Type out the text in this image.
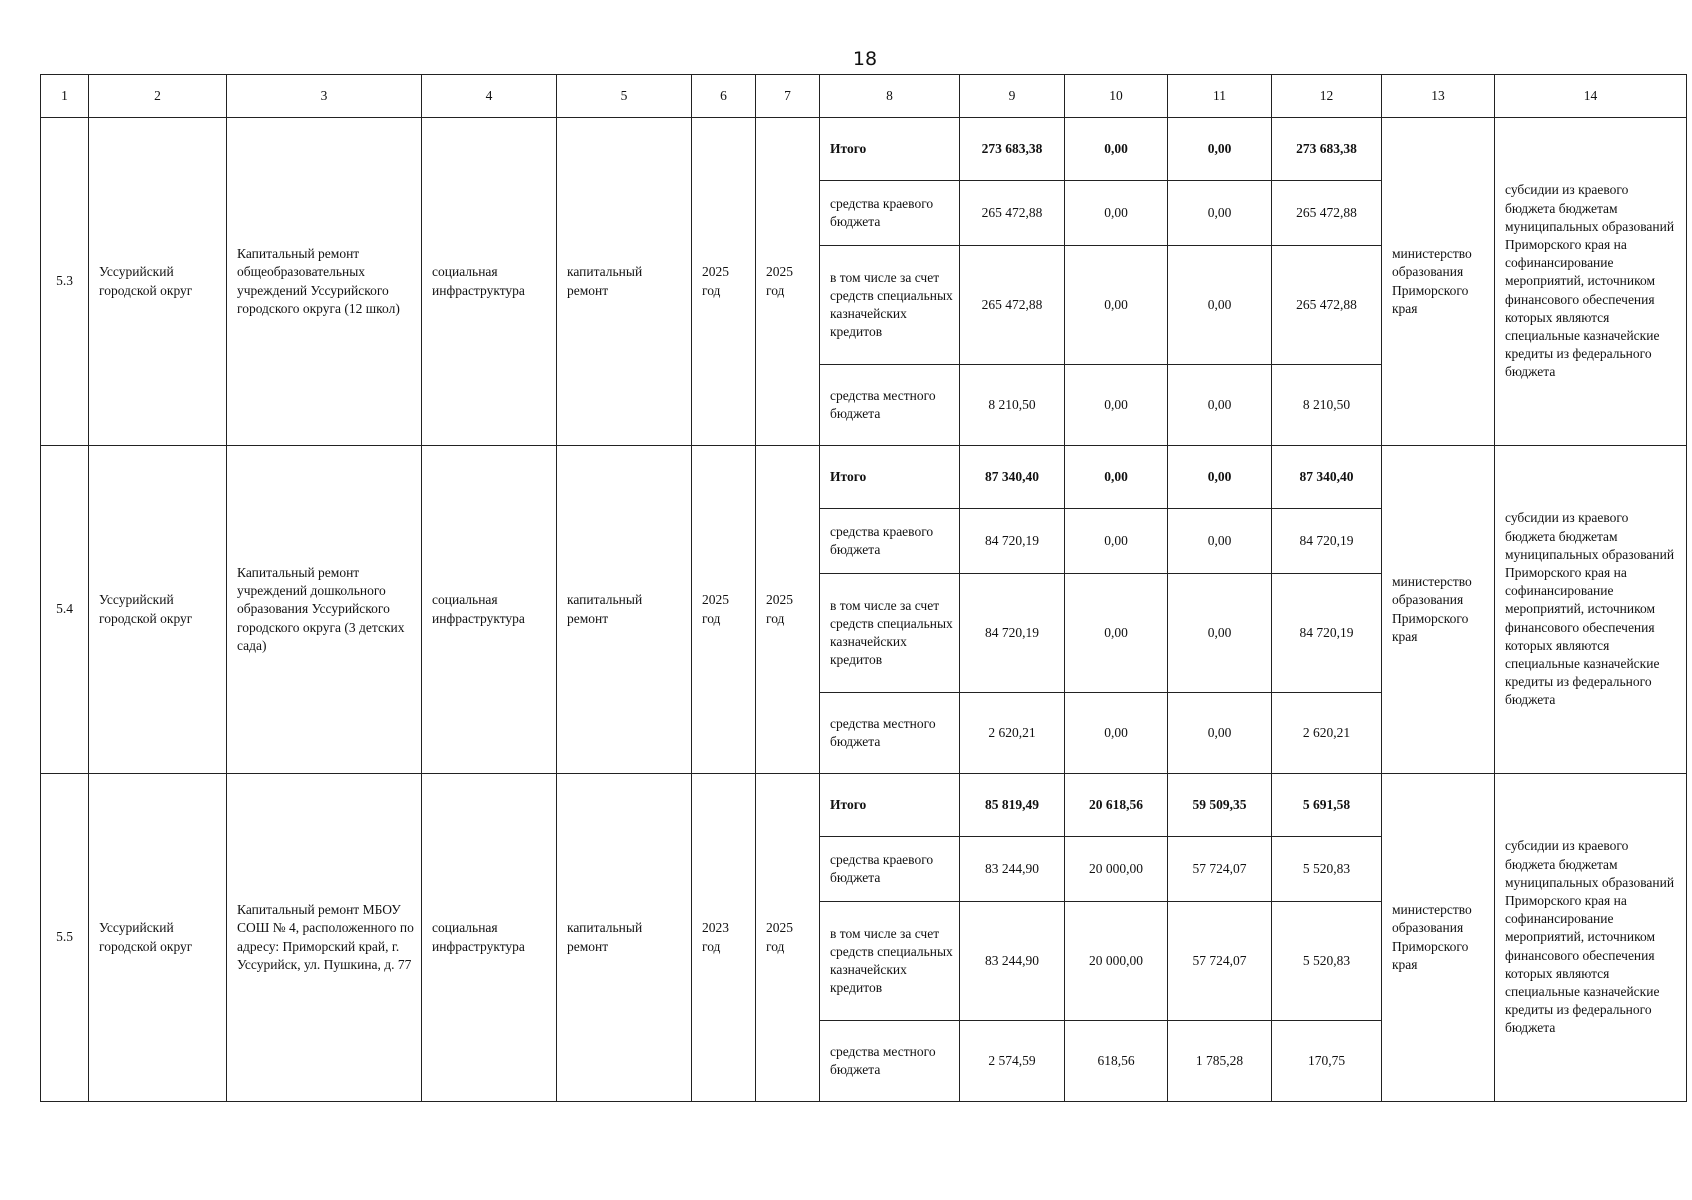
18
1	2	3	4	5	6	7	8	9	10	11	12	13	14
5.3	Уссурийский городской округ	Капитальный ремонт общеобразовательных учреждений Уссурийского городского округа (12 школ)	социальная инфраструктура	капитальный ремонт	2025 год	2025 год	Итого	273 683,38	0,00	0,00	273 683,38	министерство образования Приморского края	субсидии из краевого бюджета бюджетам муниципальных образований Приморского края на софинансирование мероприятий, источником финансового обеспечения которых являются специальные казначейские кредиты из федерального бюджета
							средства краевого бюджета	265 472,88	0,00	0,00	265 472,88		
							в том числе за счет средств специальных казначейских кредитов	265 472,88	0,00	0,00	265 472,88		
							средства местного бюджета	8 210,50	0,00	0,00	8 210,50		
5.4	Уссурийский городской округ	Капитальный ремонт учреждений дошкольного образования Уссурийского городского округа (3 детских сада)	социальная инфраструктура	капитальный ремонт	2025 год	2025 год	Итого	87 340,40	0,00	0,00	87 340,40	министерство образования Приморского края	субсидии из краевого бюджета бюджетам муниципальных образований Приморского края на софинансирование мероприятий, источником финансового обеспечения которых являются специальные казначейские кредиты из федерального бюджета
							средства краевого бюджета	84 720,19	0,00	0,00	84 720,19		
							в том числе за счет средств специальных казначейских кредитов	84 720,19	0,00	0,00	84 720,19		
							средства местного бюджета	2 620,21	0,00	0,00	2 620,21		
5.5	Уссурийский городской округ	Капитальный ремонт МБОУ СОШ № 4, расположенного по адресу: Приморский край, г. Уссурийск, ул. Пушкина, д. 77	социальная инфраструктура	капитальный ремонт	2023 год	2025 год	Итого	85 819,49	20 618,56	59 509,35	5 691,58	министерство образования Приморского края	субсидии из краевого бюджета бюджетам муниципальных образований Приморского края на софинансирование мероприятий, источником финансового обеспечения которых являются специальные казначейские кредиты из федерального бюджета
							средства краевого бюджета	83 244,90	20 000,00	57 724,07	5 520,83		
							в том числе за счет средств специальных казначейских кредитов	83 244,90	20 000,00	57 724,07	5 520,83		
							средства местного бюджета	2 574,59	618,56	1 785,28	170,75		
